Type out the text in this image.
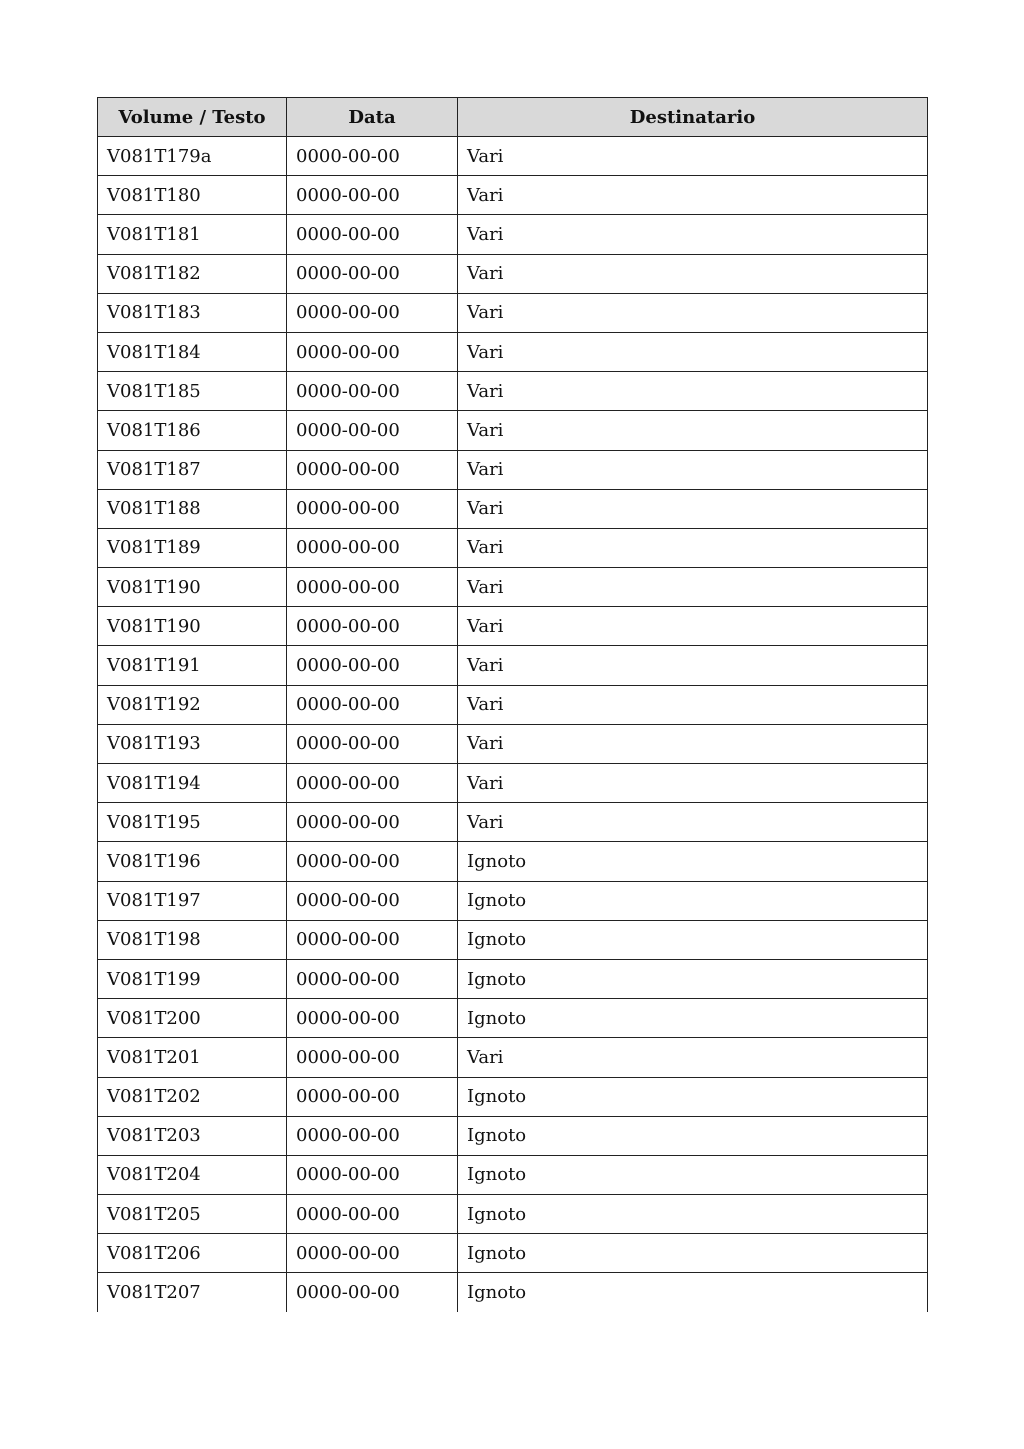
Volume / Testo	Data	Destinatario
V081T179a	0000-00-00	Vari
V081T180	0000-00-00	Vari
V081T181	0000-00-00	Vari
V081T182	0000-00-00	Vari
V081T183	0000-00-00	Vari
V081T184	0000-00-00	Vari
V081T185	0000-00-00	Vari
V081T186	0000-00-00	Vari
V081T187	0000-00-00	Vari
V081T188	0000-00-00	Vari
V081T189	0000-00-00	Vari
V081T190	0000-00-00	Vari
V081T190	0000-00-00	Vari
V081T191	0000-00-00	Vari
V081T192	0000-00-00	Vari
V081T193	0000-00-00	Vari
V081T194	0000-00-00	Vari
V081T195	0000-00-00	Vari
V081T196	0000-00-00	Ignoto
V081T197	0000-00-00	Ignoto
V081T198	0000-00-00	Ignoto
V081T199	0000-00-00	Ignoto
V081T200	0000-00-00	Ignoto
V081T201	0000-00-00	Vari
V081T202	0000-00-00	Ignoto
V081T203	0000-00-00	Ignoto
V081T204	0000-00-00	Ignoto
V081T205	0000-00-00	Ignoto
V081T206	0000-00-00	Ignoto
V081T207	0000-00-00	Ignoto
